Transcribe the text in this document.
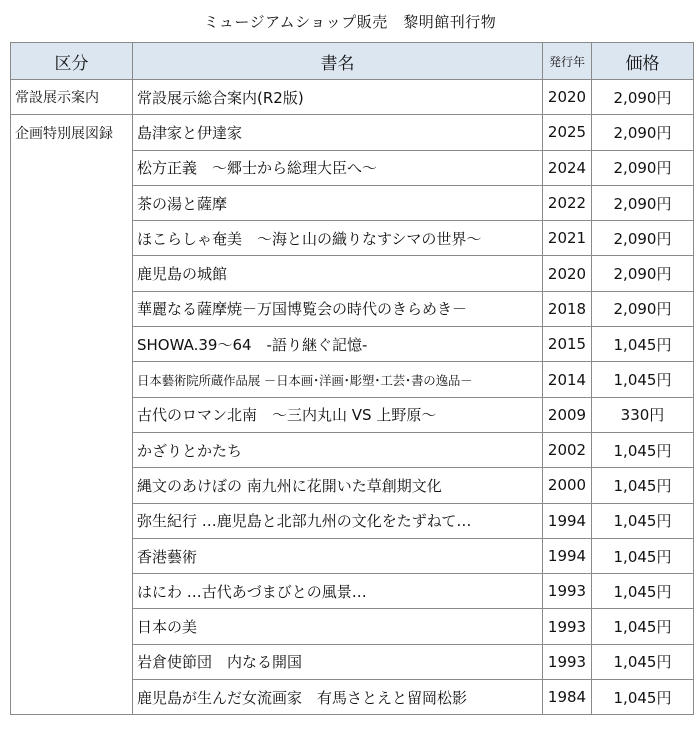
ミュージアムショップ販売　黎明館刊行物
区分	書名	発行年	価格
常設展示案内	常設展示総合案内(R2版)	2020	2,090円
企画特別展図録	島津家と伊達家	2025	2,090円
	松方正義　～郷士から総理大臣へ～	2024	2,090円
	茶の湯と薩摩	2022	2,090円
	ほこらしゃ奄美　～海と山の織りなすシマの世界～	2021	2,090円
	鹿児島の城館	2020	2,090円
	華麗なる薩摩焼－万国博覧会の時代のきらめき－	2018	2,090円
	SHOWA.39～64　-語り継ぐ記憶-	2015	1,045円
	日本藝術院所蔵作品展 －日本画･洋画･彫塑･工芸･書の逸品－	2014	1,045円
	古代のロマン北南　～三内丸山 VS 上野原～	2009	330円
	かざりとかたち	2002	1,045円
	縄文のあけぼの 南九州に花開いた草創期文化	2000	1,045円
	弥生紀行 …鹿児島と北部九州の文化をたずねて…	1994	1,045円
	香港藝術	1994	1,045円
	はにわ …古代あづまびとの風景…	1993	1,045円
	日本の美	1993	1,045円
	岩倉使節団　内なる開国	1993	1,045円
	鹿児島が生んだ女流画家　有馬さとえと留岡松影	1984	1,045円
